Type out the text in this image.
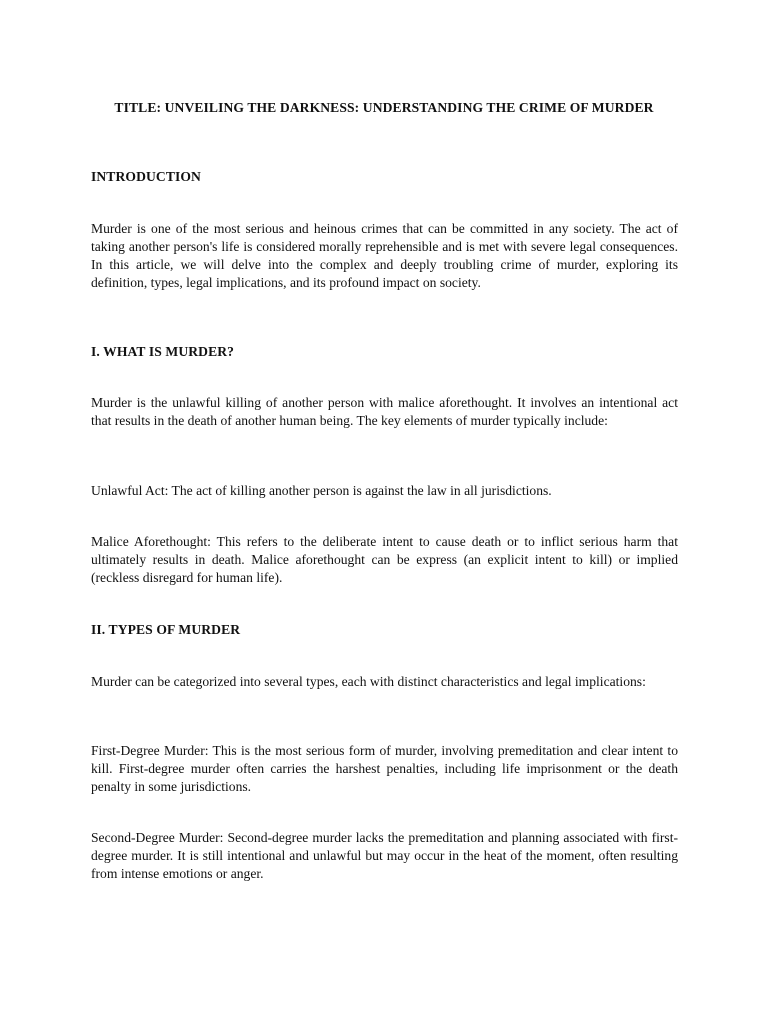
TITLE: UNVEILING THE DARKNESS: UNDERSTANDING THE CRIME OF MURDER
INTRODUCTION
Murder is one of the most serious and heinous crimes that can be committed in any society. The act of taking another person's life is considered morally reprehensible and is met with severe legal consequences. In this article, we will delve into the complex and deeply troubling crime of murder, exploring its definition, types, legal implications, and its profound impact on society.
I. WHAT IS MURDER?
Murder is the unlawful killing of another person with malice aforethought. It involves an intentional act that results in the death of another human being. The key elements of murder typically include:
Unlawful Act: The act of killing another person is against the law in all jurisdictions.
Malice Aforethought: This refers to the deliberate intent to cause death or to inflict serious harm that ultimately results in death. Malice aforethought can be express (an explicit intent to kill) or implied (reckless disregard for human life).
II. TYPES OF MURDER
Murder can be categorized into several types, each with distinct characteristics and legal implications:
First-Degree Murder: This is the most serious form of murder, involving premeditation and clear intent to kill. First-degree murder often carries the harshest penalties, including life imprisonment or the death penalty in some jurisdictions.
Second-Degree Murder: Second-degree murder lacks the premeditation and planning associated with first-degree murder. It is still intentional and unlawful but may occur in the heat of the moment, often resulting from intense emotions or anger.
